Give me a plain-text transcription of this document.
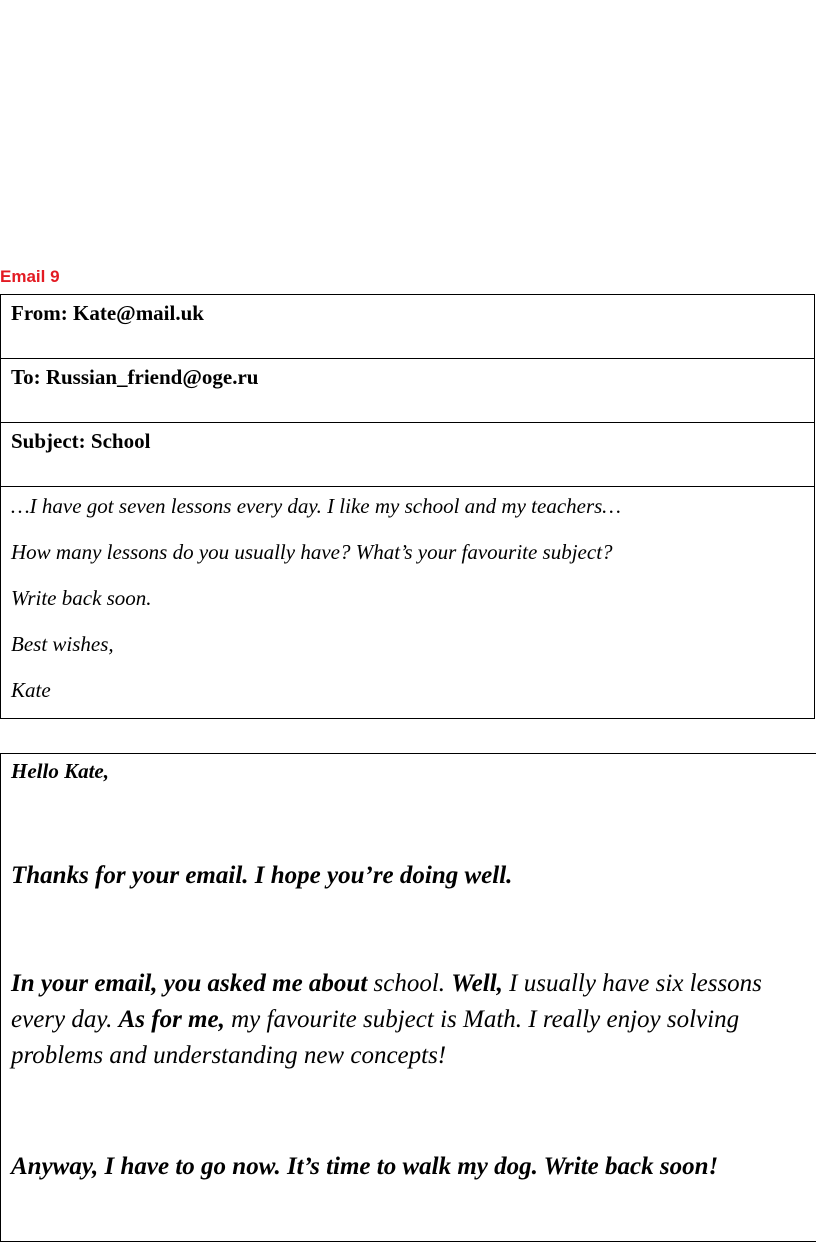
Email 9
From: Kate@mail.uk

To: Russian_friend@oge.ru

Subject: School

…I have got seven lessons every day. I like my school and my teachers…

How many lessons do you usually have? What’s your favourite subject?

Write back soon.

Best wishes,

Kate

Hello Kate,

Thanks for your email. I hope you’re doing well.

In your email, you asked me about school. Well, I usually have six lessons every day. As for me, my favourite subject is Math. I really enjoy solving problems and understanding new concepts!

Anyway, I have to go now. It’s time to walk my dog. Write back soon!
